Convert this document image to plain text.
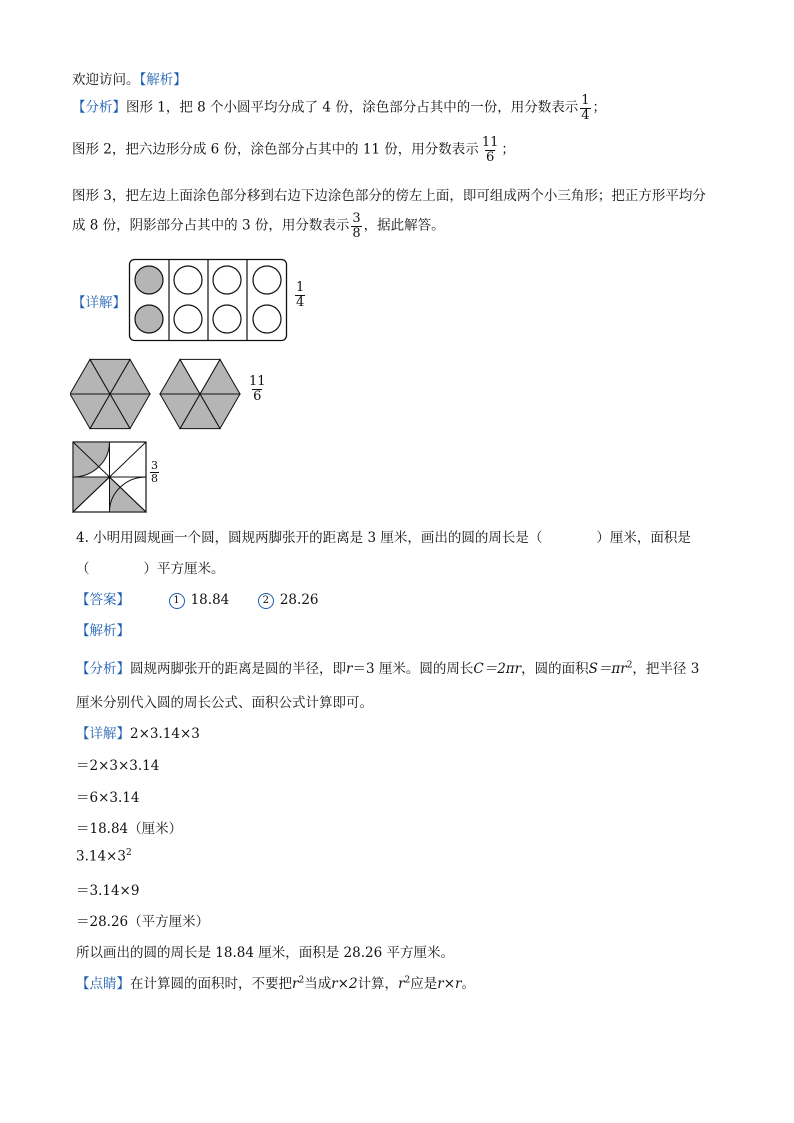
欢迎访问。【解析】
【分析】图形 1，把 8 个小圆平均分成了 4 份，涂色部分占其中的一份，用分数表示 $\frac{1}{4}$ ；
图形 2，把六边形分成 6 份，涂色部分占其中的 11 份，用分数表示 $\frac{11}{6}$ ；
图形 3，把左边上面涂色部分移到右边下边涂色部分的傍左上面，即可组成两个小三角形；把正方形平均分
成 8 份，阴影部分占其中的 3 份，用分数表示 $\frac{3}{8}$ ，据此解答。
【详解】	$\frac{1}{4}$
$\frac{11}{6}$
$\frac{3}{8}$
4. 小明用圆规画一个圆，圆规两脚张开的距离是 3 厘米，画出的圆的周长是（　　　　）厘米，面积是
（　　　　）平方厘米。
【答案】	1 18.84	2 28.26
【解析】
【分析】圆规两脚张开的距离是圆的半径，即r＝3 厘米。圆的周长C＝2πr，圆的面积$S=\pi r^2$，把半径 3
厘米分别代入圆的周长公式、面积公式计算即可。
【详解】2×3.14×3
＝2×3×3.14
＝6×3.14
＝18.84（厘米）
$3.14\times 3^2$
＝3.14×9
＝28.26（平方厘米）
所以画出的圆的周长是 18.84 厘米，面积是 28.26 平方厘米。
【点睛】在计算圆的面积时，不要把$r^2$当成r×2计算，$r^2$应是r×r。
